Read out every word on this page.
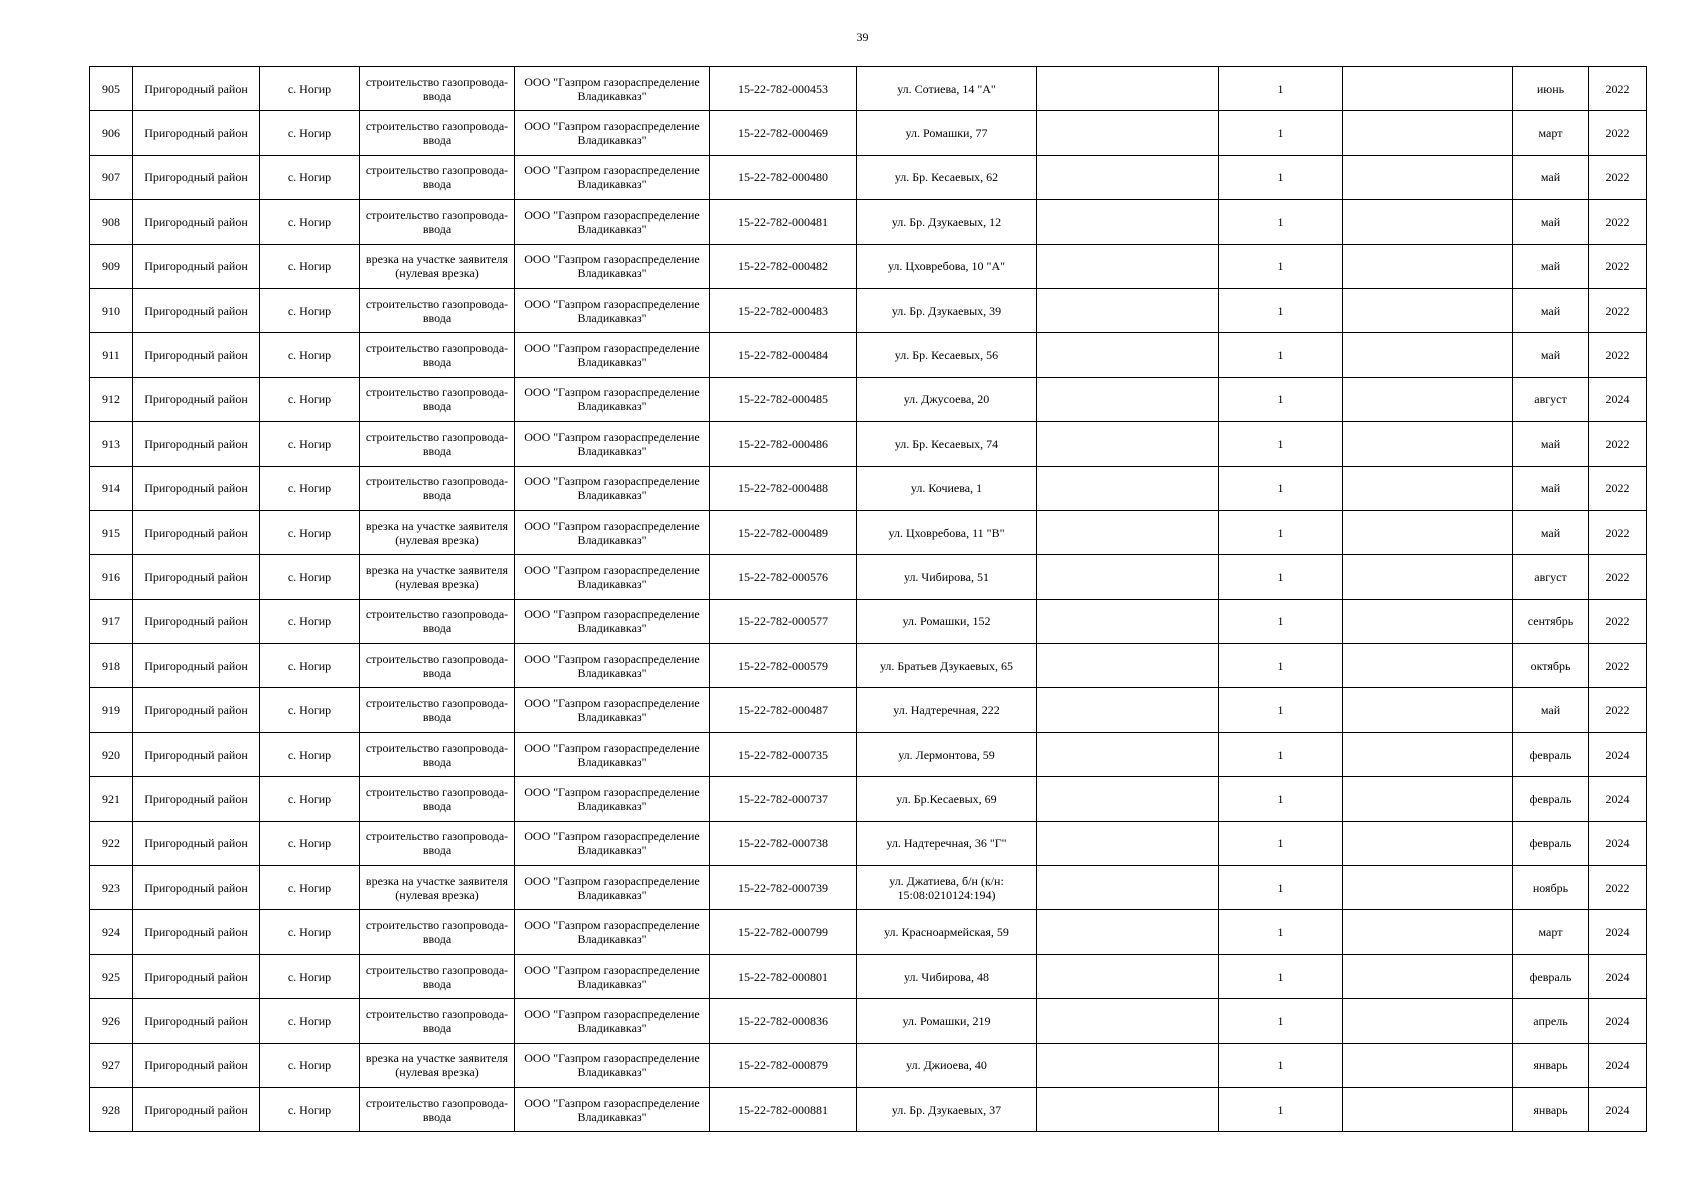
39
905	Пригородный район	с. Ногир	строительство газопровода-ввода	ООО "Газпром газораспределение Владикавказ"	15-22-782-000453	ул. Сотиева, 14 "А"		1		июнь	2022
906	Пригородный район	с. Ногир	строительство газопровода-ввода	ООО "Газпром газораспределение Владикавказ"	15-22-782-000469	ул. Ромашки, 77		1		март	2022
907	Пригородный район	с. Ногир	строительство газопровода-ввода	ООО "Газпром газораспределение Владикавказ"	15-22-782-000480	ул. Бр. Кесаевых, 62		1		май	2022
908	Пригородный район	с. Ногир	строительство газопровода-ввода	ООО "Газпром газораспределение Владикавказ"	15-22-782-000481	ул. Бр. Дзукаевых, 12		1		май	2022
909	Пригородный район	с. Ногир	врезка на участке заявителя (нулевая врезка)	ООО "Газпром газораспределение Владикавказ"	15-22-782-000482	ул. Цховребова, 10 "А"		1		май	2022
910	Пригородный район	с. Ногир	строительство газопровода-ввода	ООО "Газпром газораспределение Владикавказ"	15-22-782-000483	ул. Бр. Дзукаевых, 39		1		май	2022
911	Пригородный район	с. Ногир	строительство газопровода-ввода	ООО "Газпром газораспределение Владикавказ"	15-22-782-000484	ул. Бр. Кесаевых, 56		1		май	2022
912	Пригородный район	с. Ногир	строительство газопровода-ввода	ООО "Газпром газораспределение Владикавказ"	15-22-782-000485	ул. Джусоева, 20		1		август	2024
913	Пригородный район	с. Ногир	строительство газопровода-ввода	ООО "Газпром газораспределение Владикавказ"	15-22-782-000486	ул. Бр. Кесаевых, 74		1		май	2022
914	Пригородный район	с. Ногир	строительство газопровода-ввода	ООО "Газпром газораспределение Владикавказ"	15-22-782-000488	ул. Кочиева, 1		1		май	2022
915	Пригородный район	с. Ногир	врезка на участке заявителя (нулевая врезка)	ООО "Газпром газораспределение Владикавказ"	15-22-782-000489	ул. Цховребова, 11 "В"		1		май	2022
916	Пригородный район	с. Ногир	врезка на участке заявителя (нулевая врезка)	ООО "Газпром газораспределение Владикавказ"	15-22-782-000576	ул. Чибирова, 51		1		август	2022
917	Пригородный район	с. Ногир	строительство газопровода-ввода	ООО "Газпром газораспределение Владикавказ"	15-22-782-000577	ул. Ромашки, 152		1		сентябрь	2022
918	Пригородный район	с. Ногир	строительство газопровода-ввода	ООО "Газпром газораспределение Владикавказ"	15-22-782-000579	ул. Братьев Дзукаевых, 65		1		октябрь	2022
919	Пригородный район	с. Ногир	строительство газопровода-ввода	ООО "Газпром газораспределение Владикавказ"	15-22-782-000487	ул. Надтеречная, 222		1		май	2022
920	Пригородный район	с. Ногир	строительство газопровода-ввода	ООО "Газпром газораспределение Владикавказ"	15-22-782-000735	ул. Лермонтова, 59		1		февраль	2024
921	Пригородный район	с. Ногир	строительство газопровода-ввода	ООО "Газпром газораспределение Владикавказ"	15-22-782-000737	ул. Бр.Кесаевых, 69		1		февраль	2024
922	Пригородный район	с. Ногир	строительство газопровода-ввода	ООО "Газпром газораспределение Владикавказ"	15-22-782-000738	ул. Надтеречная, 36 "Г"		1		февраль	2024
923	Пригородный район	с. Ногир	врезка на участке заявителя (нулевая врезка)	ООО "Газпром газораспределение Владикавказ"	15-22-782-000739	ул. Джатиева, б/н (к/н: 15:08:0210124:194)		1		ноябрь	2022
924	Пригородный район	с. Ногир	строительство газопровода-ввода	ООО "Газпром газораспределение Владикавказ"	15-22-782-000799	ул. Красноармейская, 59		1		март	2024
925	Пригородный район	с. Ногир	строительство газопровода-ввода	ООО "Газпром газораспределение Владикавказ"	15-22-782-000801	ул. Чибирова, 48		1		февраль	2024
926	Пригородный район	с. Ногир	строительство газопровода-ввода	ООО "Газпром газораспределение Владикавказ"	15-22-782-000836	ул. Ромашки, 219		1		апрель	2024
927	Пригородный район	с. Ногир	врезка на участке заявителя (нулевая врезка)	ООО "Газпром газораспределение Владикавказ"	15-22-782-000879	ул. Джиоева, 40		1		январь	2024
928	Пригородный район	с. Ногир	строительство газопровода-ввода	ООО "Газпром газораспределение Владикавказ"	15-22-782-000881	ул. Бр. Дзукаевых, 37		1		январь	2024
